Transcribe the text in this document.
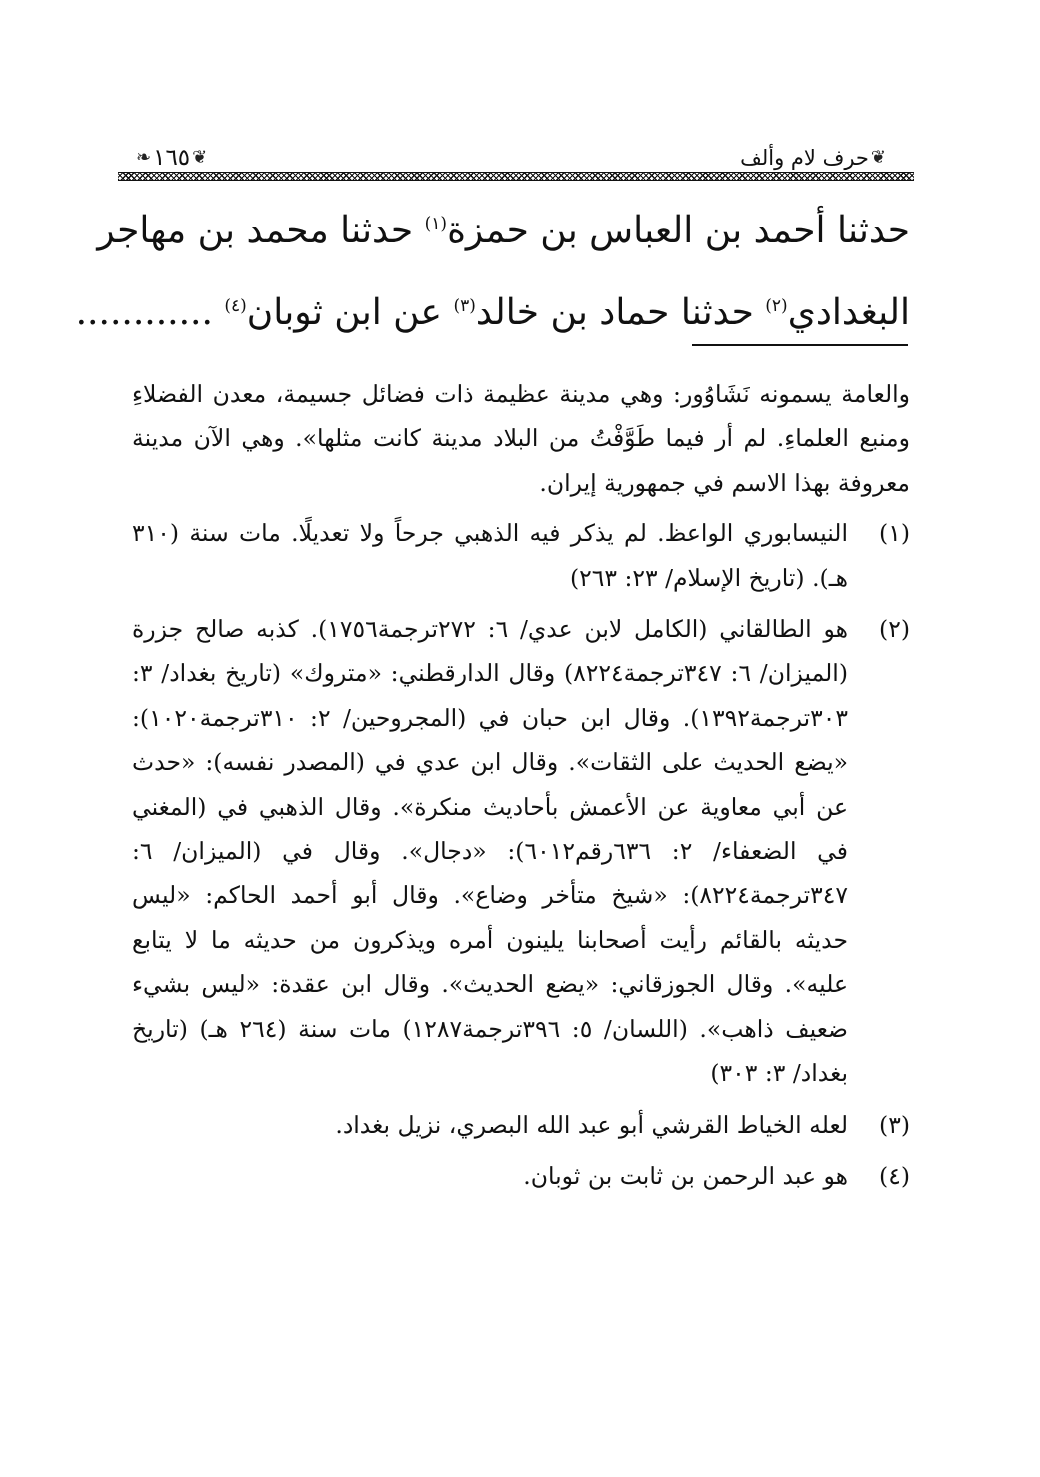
❦
حرف لام وألف
❦
١٦٥
❧
حدثنا أحمد بن العباس بن حمزة$^{(١)}$ حدثنا محمد بن مهاجر
البغدادي$^{(٢)}$ حدثنا حماد بن خالد$^{(٣)}$ عن ابن ثوبان$^{(٤)}$ ............
والعامة يسمونه نَشَاوُور: وهي مدينة عظيمة ذات فضائل جسيمة، معدن الفضلاءِ ومنبع العلماءِ. لم أر فيما طَوَّفْتُ من البلاد مدينة كانت مثلها». وهي الآن مدينة معروفة بهذا الاسم في جمهورية إيران.
(١)
النيسابوري الواعظ. لم يذكر فيه الذهبي جرحاً ولا تعديلًا. مات سنة (٣١٠ هـ). (تاريخ الإسلام/ ٢٣: ٢٦٣)
(٢)
هو الطالقاني (الكامل لابن عدي/ ٦: ٢٧٢ترجمة١٧٥٦). كذبه صالح جزرة (الميزان/ ٦: ٣٤٧ترجمة٨٢٢٤) وقال الدارقطني: «متروك» (تاريخ بغداد/ ٣: ٣٠٣ترجمة١٣٩٢). وقال ابن حبان في (المجروحين/ ٢: ٣١٠ترجمة١٠٢٠): «يضع الحديث على الثقات». وقال ابن عدي في (المصدر نفسه): «حدث عن أبي معاوية عن الأعمش بأحاديث منكرة». وقال الذهبي في (المغني في الضعفاء/ ٢: ٦٣٦رقم٦٠١٢): «دجال». وقال في (الميزان/ ٦: ٣٤٧ترجمة٨٢٢٤): «شيخ متأخر وضاع». وقال أبو أحمد الحاكم: «ليس حديثه بالقائم رأيت أصحابنا يلينون أمره ويذكرون من حديثه ما لا يتابع عليه». وقال الجوزقاني: «يضع الحديث». وقال ابن عقدة: «ليس بشيء ضعيف ذاهب». (اللسان/ ٥: ٣٩٦ترجمة١٢٨٧) مات سنة (٢٦٤ هـ) (تاريخ بغداد/ ٣: ٣٠٣)
(٣)
لعله الخياط القرشي أبو عبد الله البصري، نزيل بغداد.
(٤)
هو عبد الرحمن بن ثابت بن ثوبان.
